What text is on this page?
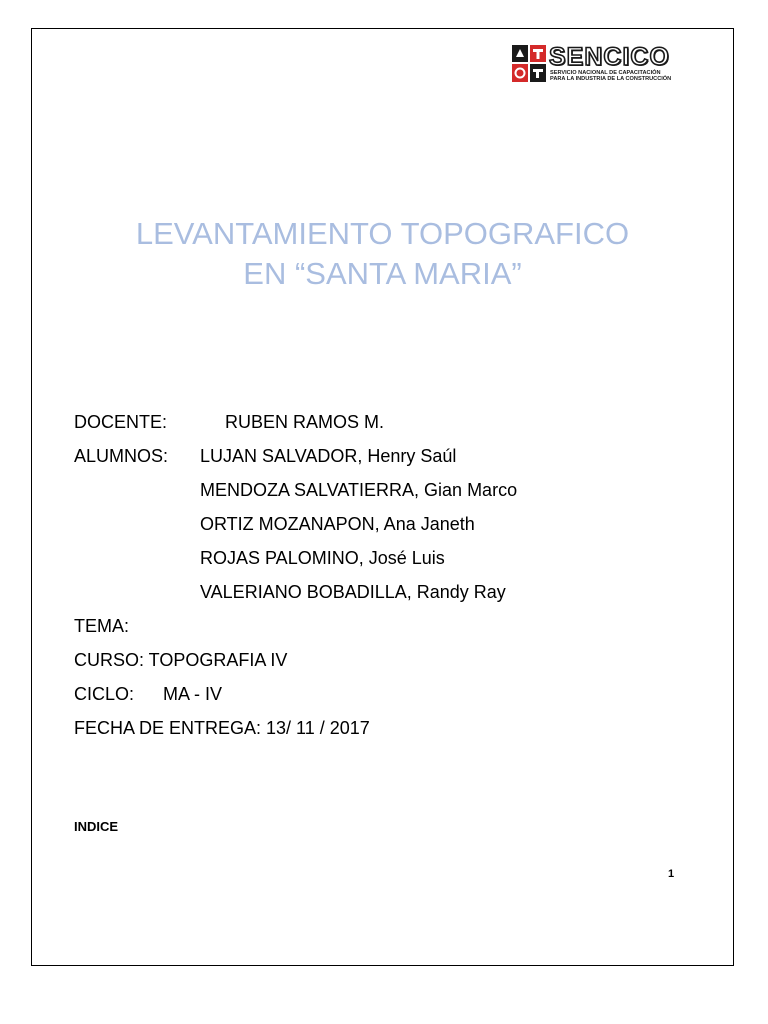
SENCICO
SERVICIO NACIONAL DE CAPACITACIÓN
PARA LA INDUSTRIA DE LA CONSTRUCCIÓN
LEVANTAMIENTO TOPOGRAFICO
EN “SANTA MARIA”
DOCENTE:	RUBEN RAMOS M.
ALUMNOS: LUJAN SALVADOR, Henry Saúl
MENDOZA SALVATIERRA, Gian Marco
ORTIZ MOZANAPON, Ana Janeth
ROJAS PALOMINO, José Luis
VALERIANO BOBADILLA, Randy Ray
TEMA:
CURSO: TOPOGRAFIA IV
CICLO: MA - IV
FECHA DE ENTREGA: 13/ 11 / 2017
INDICE
1
